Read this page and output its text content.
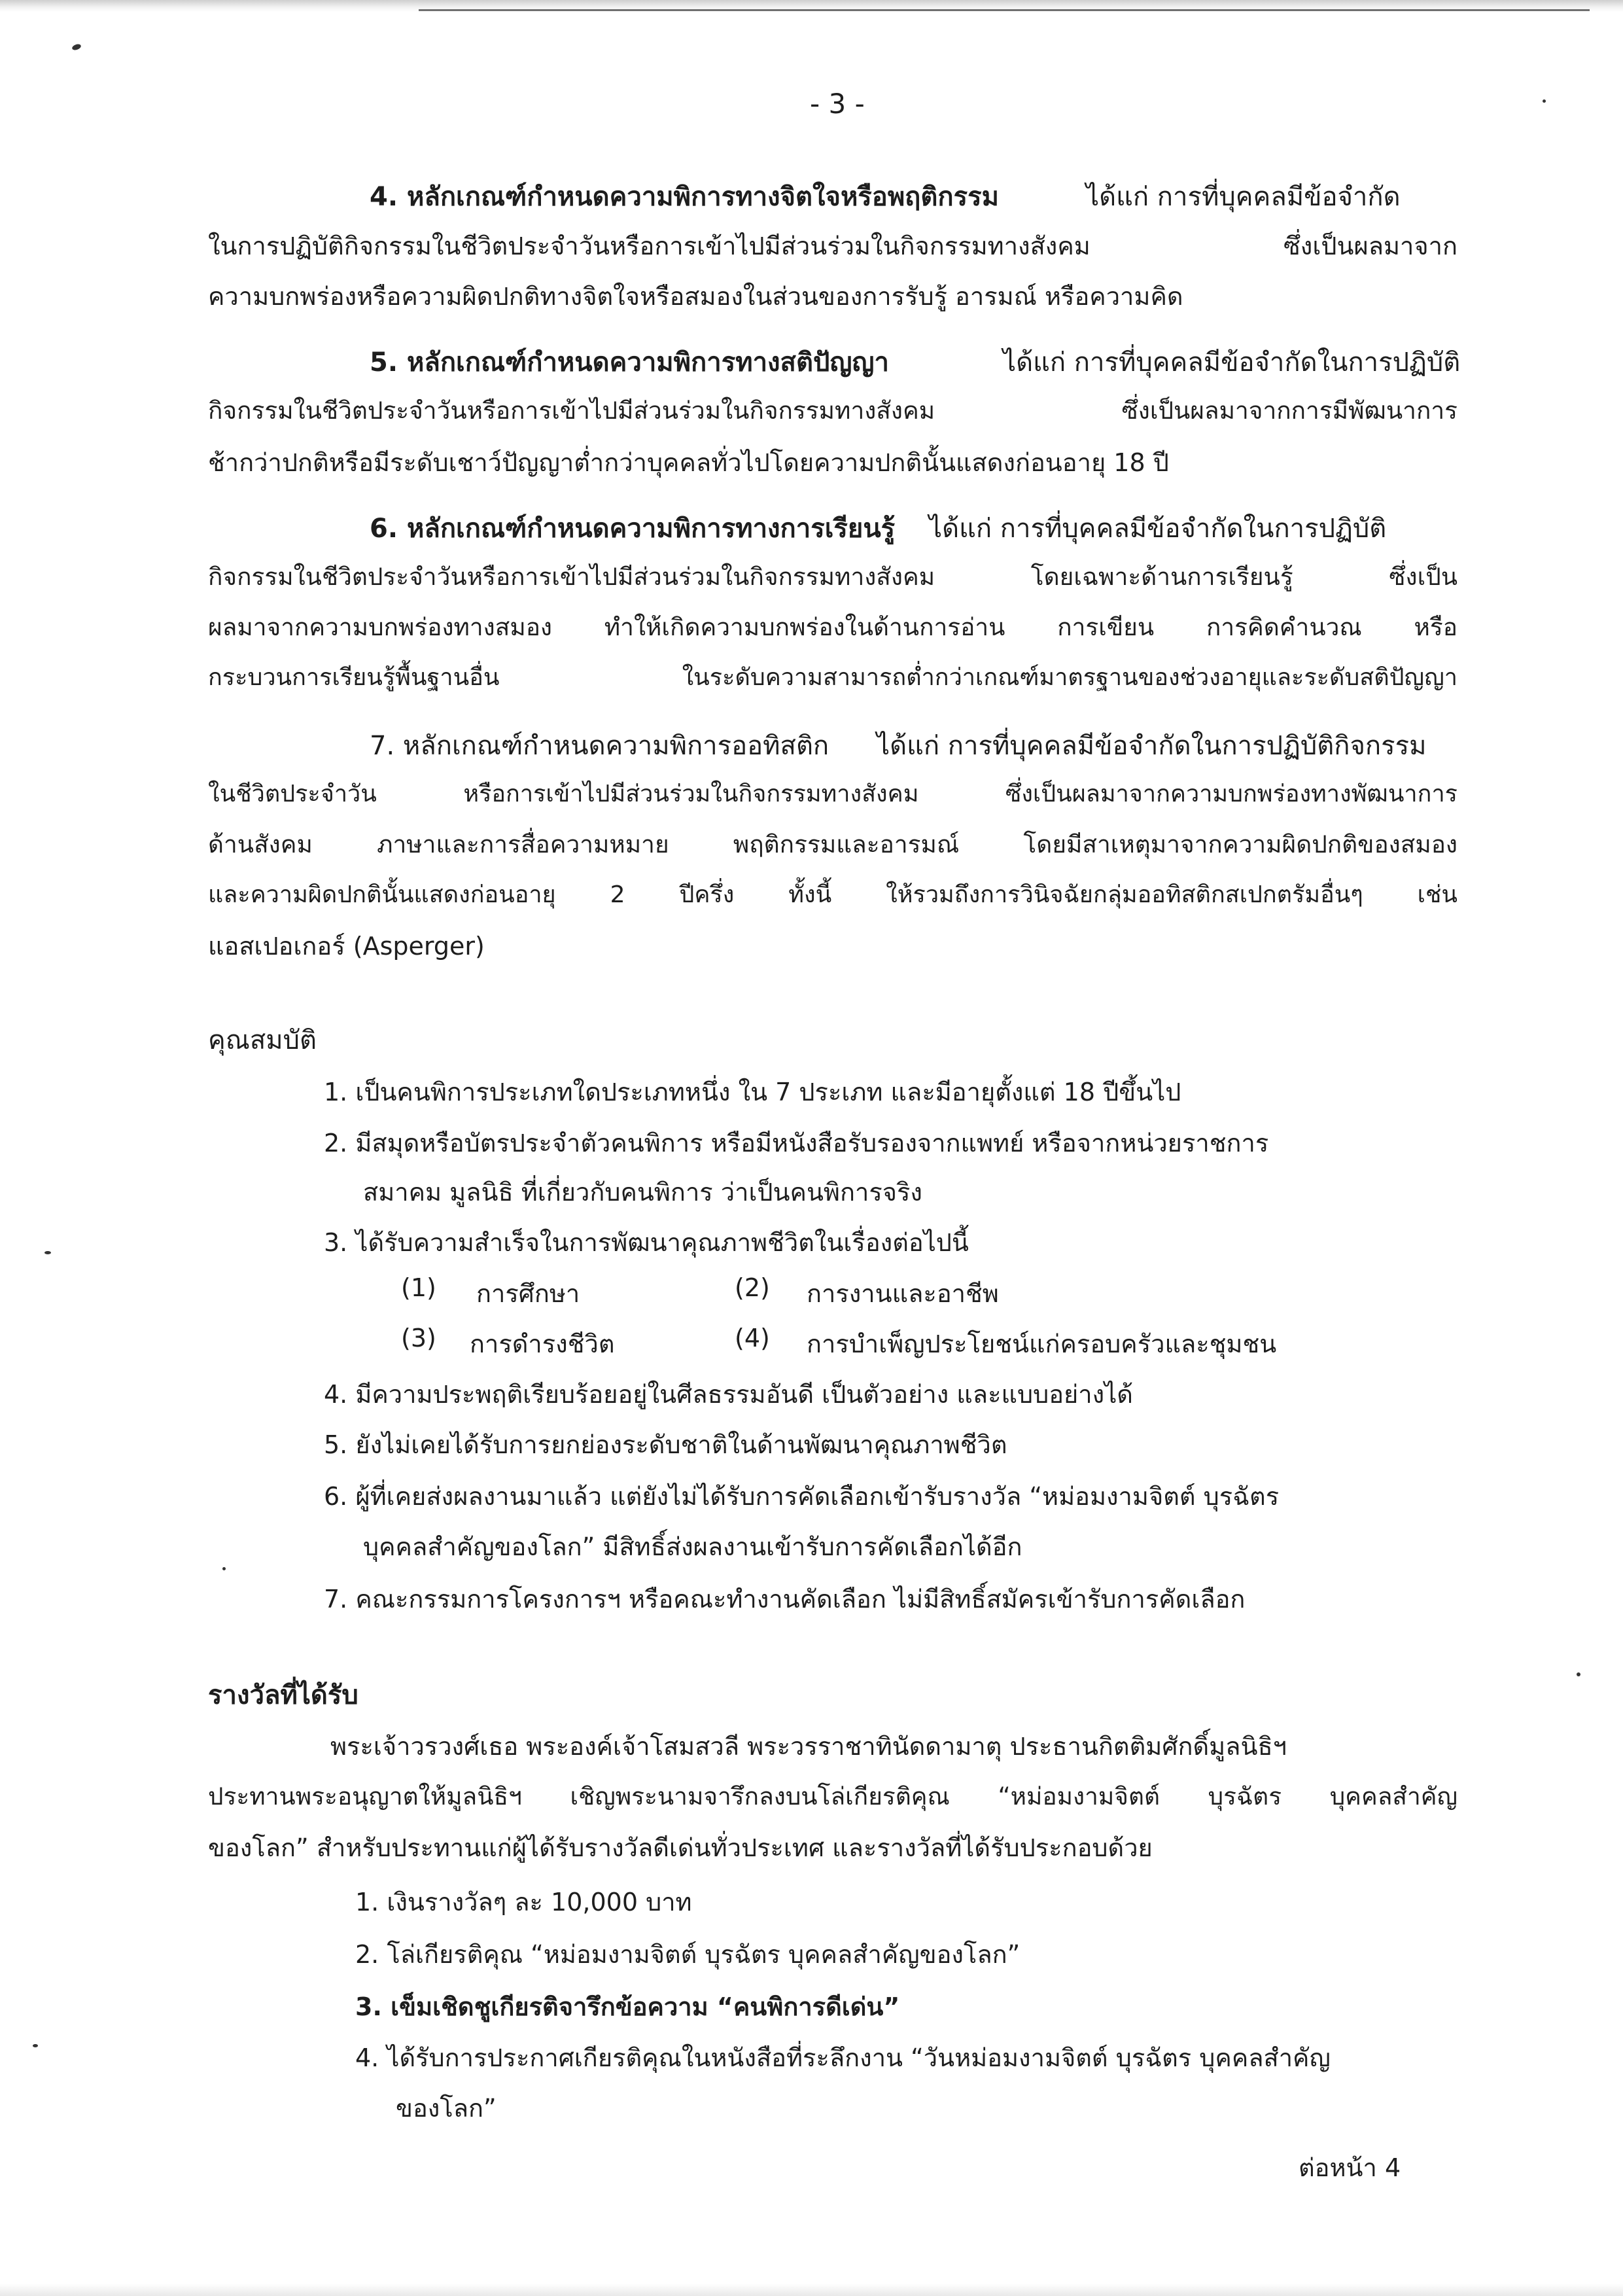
- 3 -
4. หลักเกณฑ์กำหนดความพิการทางจิตใจหรือพฤติกรรม	ได้แก่ การที่บุคคลมีข้อจำกัด
ในการปฏิบัติกิจกรรมในชีวิตประจำวันหรือการเข้าไปมีส่วนร่วมในกิจกรรมทางสังคม ซึ่งเป็นผลมาจาก
ความบกพร่องหรือความผิดปกติทางจิตใจหรือสมองในส่วนของการรับรู้ อารมณ์ หรือความคิด
5. หลักเกณฑ์กำหนดความพิการทางสติปัญญา	ได้แก่ การที่บุคคลมีข้อจำกัดในการปฏิบัติ
กิจกรรมในชีวิตประจำวันหรือการเข้าไปมีส่วนร่วมในกิจกรรมทางสังคม ซึ่งเป็นผลมาจากการมีพัฒนาการ
ช้ากว่าปกติหรือมีระดับเชาว์ปัญญาต่ำกว่าบุคคลทั่วไปโดยความปกตินั้นแสดงก่อนอายุ 18 ปี
6. หลักเกณฑ์กำหนดความพิการทางการเรียนรู้ ได้แก่ การที่บุคคลมีข้อจำกัดในการปฏิบัติ
กิจกรรมในชีวิตประจำวันหรือการเข้าไปมีส่วนร่วมในกิจกรรมทางสังคม โดยเฉพาะด้านการเรียนรู้ ซึ่งเป็น
ผลมาจากความบกพร่องทางสมอง ทำให้เกิดความบกพร่องในด้านการอ่าน การเขียน การคิดคำนวณ หรือ
กระบวนการเรียนรู้พื้นฐานอื่น ในระดับความสามารถต่ำกว่าเกณฑ์มาตรฐานของช่วงอายุและระดับสติปัญญา
7. หลักเกณฑ์กำหนดความพิการออทิสติก ได้แก่ การที่บุคคลมีข้อจำกัดในการปฏิบัติกิจกรรม
ในชีวิตประจำวัน หรือการเข้าไปมีส่วนร่วมในกิจกรรมทางสังคม ซึ่งเป็นผลมาจากความบกพร่องทางพัฒนาการ
ด้านสังคม ภาษาและการสื่อความหมาย พฤติกรรมและอารมณ์ โดยมีสาเหตุมาจากความผิดปกติของสมอง
และความผิดปกตินั้นแสดงก่อนอายุ 2 ปีครึ่ง ทั้งนี้ ให้รวมถึงการวินิจฉัยกลุ่มออทิสติกสเปกตรัมอื่นๆ เช่น
แอสเปอเกอร์ (Asperger)
คุณสมบัติ
1. เป็นคนพิการประเภทใดประเภทหนึ่ง ใน 7 ประเภท และมีอายุตั้งแต่ 18 ปีขึ้นไป
2. มีสมุดหรือบัตรประจำตัวคนพิการ หรือมีหนังสือรับรองจากแพทย์ หรือจากหน่วยราชการ
สมาคม มูลนิธิ ที่เกี่ยวกับคนพิการ ว่าเป็นคนพิการจริง
3. ได้รับความสำเร็จในการพัฒนาคุณภาพชีวิตในเรื่องต่อไปนี้
(1) การศึกษา	(2) การงานและอาชีพ
(3) การดำรงชีวิต	(4) การบำเพ็ญประโยชน์แก่ครอบครัวและชุมชน
4. มีความประพฤติเรียบร้อยอยู่ในศีลธรรมอันดี เป็นตัวอย่าง และแบบอย่างได้
5. ยังไม่เคยได้รับการยกย่องระดับชาติในด้านพัฒนาคุณภาพชีวิต
6. ผู้ที่เคยส่งผลงานมาแล้ว แต่ยังไม่ได้รับการคัดเลือกเข้ารับรางวัล “หม่อมงามจิตต์ บุรฉัตร
บุคคลสำคัญของโลก” มีสิทธิ์ส่งผลงานเข้ารับการคัดเลือกได้อีก
7. คณะกรรมการโครงการฯ หรือคณะทำงานคัดเลือก ไม่มีสิทธิ์สมัครเข้ารับการคัดเลือก
รางวัลที่ได้รับ
พระเจ้าวรวงศ์เธอ พระองค์เจ้าโสมสวลี พระวรราชาทินัดดามาตุ ประธานกิตติมศักดิ์มูลนิธิฯ
ประทานพระอนุญาตให้มูลนิธิฯ เชิญพระนามจารึกลงบนโล่เกียรติคุณ “หม่อมงามจิตต์ บุรฉัตร บุคคลสำคัญ
ของโลก” สำหรับประทานแก่ผู้ได้รับรางวัลดีเด่นทั่วประเทศ และรางวัลที่ได้รับประกอบด้วย
1. เงินรางวัลๆ ละ 10,000 บาท
2. โล่เกียรติคุณ “หม่อมงามจิตต์ บุรฉัตร บุคคลสำคัญของโลก”
3. เข็มเชิดชูเกียรติจารึกข้อความ “คนพิการดีเด่น”
4. ได้รับการประกาศเกียรติคุณในหนังสือที่ระลึกงาน “วันหม่อมงามจิตต์ บุรฉัตร บุคคลสำคัญ
ของโลก”
ต่อหน้า 4
